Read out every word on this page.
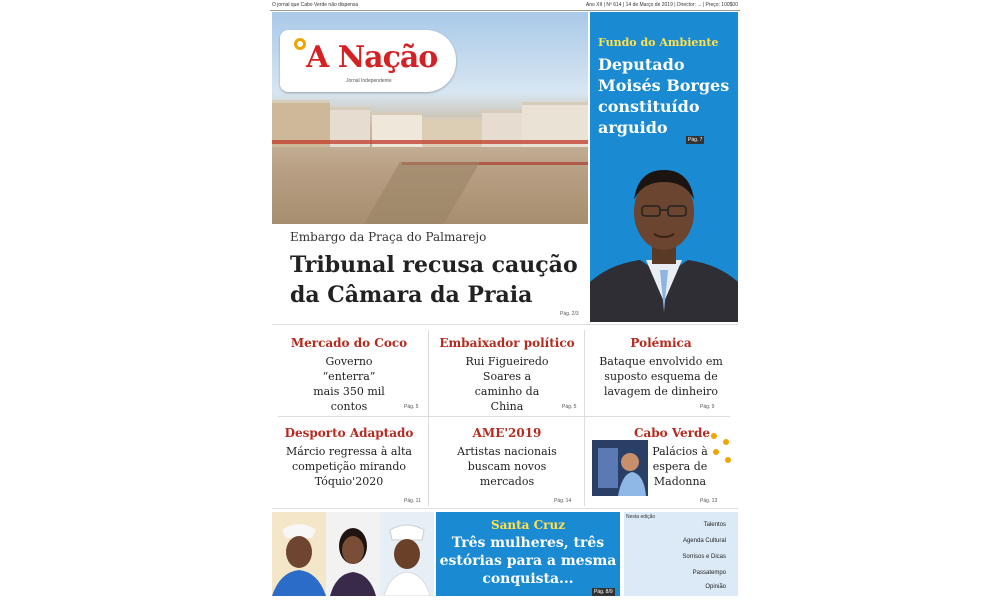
O jornal que Cabo Verde não dispensa	Ano XII | Nº 614 | 14 de Março de 2019 | Director: ... | Preço: 100$00
A Nação
Jornal Independente
Embargo da Praça do Palmarejo
Tribunal recusa caução da Câmara da Praia
Pág. 2/3
Fundo do Ambiente
Deputado Moisés Borges constituído arguido
Pág. 7
Mercado do Coco
Governo “enterra” mais 350 mil contos	Pág. 5
Embaixador político
Rui Figueiredo Soares a caminho da China	Pág. 5
Polémica
Bataque envolvido em suposto esquema de lavagem de dinheiro
Pág. 9
Desporto Adaptado
Márcio regressa à alta competição mirando Tóquio'2020
Pág. 11
AME'2019
Artistas nacionais buscam novos mercados
Pág. 14
Cabo Verde
Palácios à espera de Madonna
Pág. 13
Santa Cruz
Três mulheres, três estórias para a mesma conquista...
Pág. 8/9
Nesta edição
Talentos
Agenda Cultural
Sorrisos e Dicas
Passatempo
Opinião
